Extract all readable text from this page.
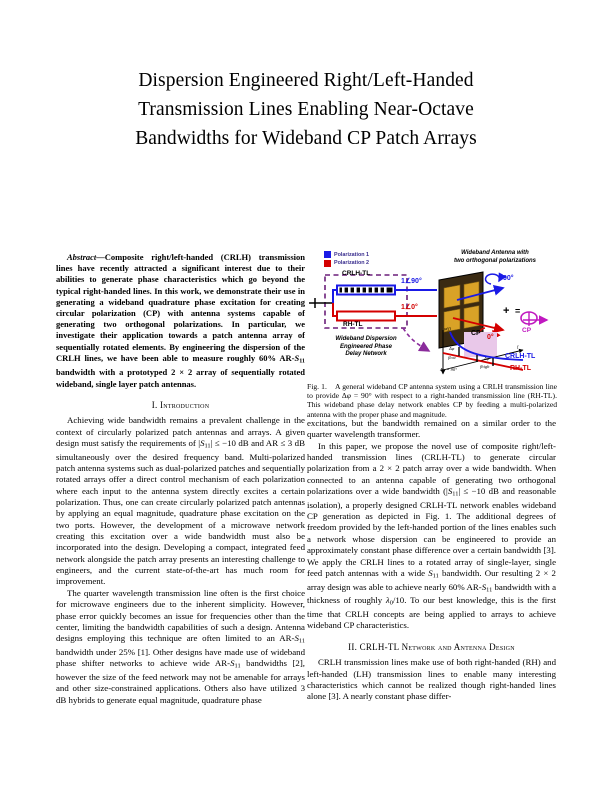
Dispersion Engineered Right/Left-Handed
Transmission Lines Enabling Near-Octave
Bandwidths for Wideband CP Patch Arrays
Abstract—Composite right/left-handed (CRLH) transmission lines have recently attracted a significant interest due to their abilities to generate phase characteristics which go beyond the typical right-handed lines. In this work, we demonstrate their use in generating a wideband quadrature phase excitation for creating circular polarization (CP) with antenna systems capable of generating two orthogonal polarizations. In particular, we investigate their application towards a patch antenna array of sequentially rotated elements. By engineering the dispersion of the CRLH lines, we have been able to measure roughly 60% $AR-S_{11}$ bandwidth with a prototyped 2 × 2 array of sequentially rotated wideband, single layer patch antennas.
I. Introduction

Achieving wide bandwidth remains a prevalent challenge in the context of circularly polarized patch antennas and arrays. A given design must satisfy the requirements of $|S_{11}| \le -10$ dB and AR ≤ 3 dB simultaneously over the desired frequency band. Multi-polarized patch antenna systems such as dual-polarized patches and sequentially rotated arrays offer a direct control mechanism of each polarization where each input to the antenna system directly excites a certain polarization. Thus, one can create circularly polarized patch antennas by applying an equal magnitude, quadrature phase excitation on the two ports. However, the development of a microwave network creating this excitation over a wide bandwidth must also be incorporated into the design. Developing a compact, integrated feed network alongside the patch array presents an interesting challenge to engineers, and the current state-of-the-art has much room for improvement.

The quarter wavelength transmission line often is the first choice for microwave engineers due to the inherent simplicity. However, phase error quickly becomes an issue for frequencies other than the center, limiting the bandwidth capabilities of such a design. Antenna designs employing this technique are often limited to an $AR-S_{11}$ bandwidth under 25% [1]. Other designs have made use of wideband phase shifter networks to achieve wide $AR-S_{11}$ bandwidths [2], however the size of the feed network may not be amenable for arrays and other size-constrained applications. Others also have utilized 3 dB hybrids to generate equal magnitude, quadrature phase

Polarization 1
Polarization 2
Wideband Antenna with
two orthogonal polarizations
CRLH-TL
RH-TL
1∠90°
1∠0°
90°
0°
+ =
CP
Wideband Dispersion
Engineered Phase
Delay Network
φ(f)
f
CP
Δφ
Δφ
flow
fhigh
Δφ = 90°
CRLH-TL
RH-TL
Fig. 1. A general wideband CP antenna system using a CRLH transmission line to provide Δφ = 90° with respect to a right-handed transmission line (RH-TL). This wideband phase delay network enables CP by feeding a multi-polarized antenna with the proper phase and magnitude.

excitations, but the bandwidth remained on a similar order to the quarter wavelength transformer.

In this paper, we propose the novel use of composite right/left-handed transmission lines (CRLH-TL) to generate circular polarization from a 2 × 2 patch array over a wide bandwidth. When connected to an antenna capable of generating two orthogonal polarizations over a wide bandwidth ($|S_{11}| \le -10$ dB and reasonable isolation), a properly designed CRLH-TL network enables wideband CP generation as depicted in Fig. 1. The additional degrees of freedom provided by the left-handed portion of the lines enables such a network whose dispersion can be engineered to provide an approximately constant phase difference over a certain bandwidth [3]. We apply the CRLH lines to a rotated array of single-layer, single feed patch antennas with a wide $S_{11}$ bandwidth. Our resulting 2 × 2 array design was able to achieve nearly 60% $AR-S_{11}$ bandwidth with a thickness of roughly $\lambda_0/10$. To our best knowledge, this is the first time that CRLH concepts are being applied to arrays to achieve wideband CP characteristics.

II. CRLH-TL Network and Antenna Design

CRLH transmission lines make use of both right-handed (RH) and left-handed (LH) transmission lines to enable many interesting characteristics which cannot be realized though right-handed lines alone [3]. A nearly constant phase differ-
